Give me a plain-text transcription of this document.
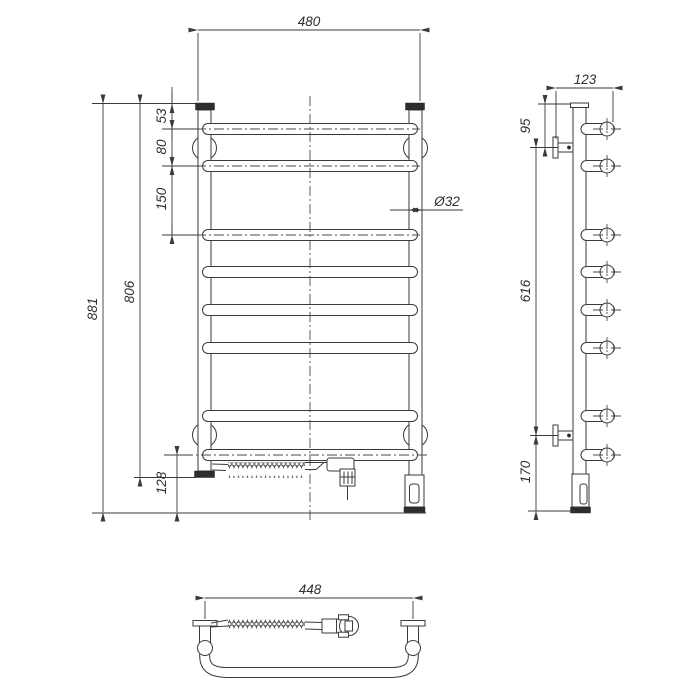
480
881
806
53
80
150
128
Ø32
123
95
616
170
448
